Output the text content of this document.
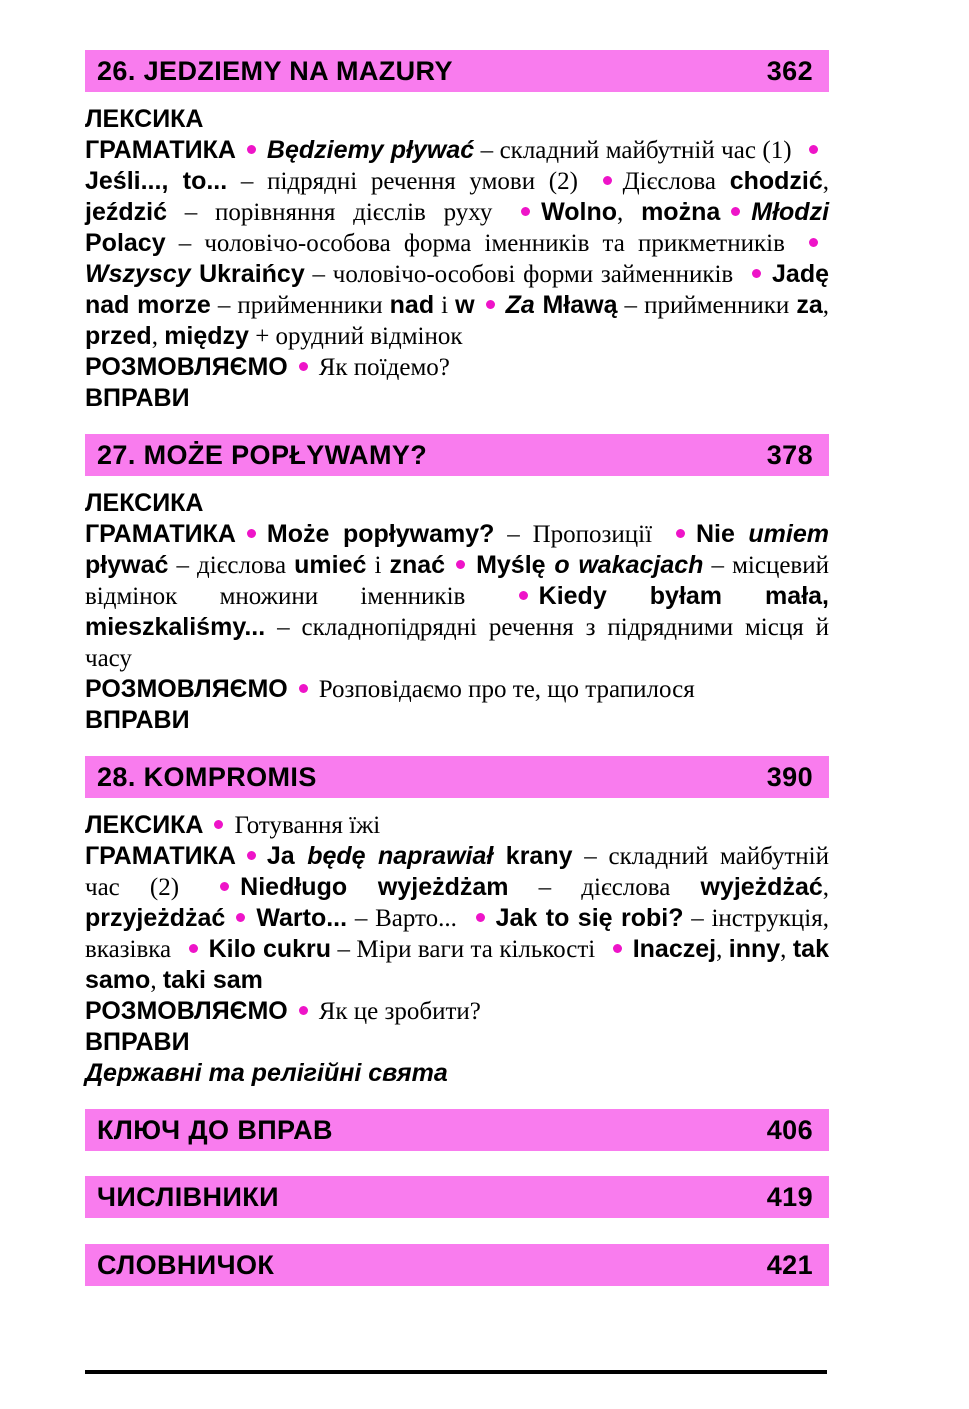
26. JEDZIEMY NA MAZURY	362

ЛЕКСИКА

ГРАМАТИКА Będziemy pływać – складний майбутній час (1) Jeśli..., to... – підрядні речення умови (2) Дієслова chodzić, jeździć – порівняння дієслів руху Wolno, można Młodzi Polacy – чоловічо-особова форма іменників та прикметників Wszyscy Ukraińcy – чоловічо-особові форми займенників Jadę nad morze – прийменники nad і w Za Mławą – прийменники za, przed, między + орудний відмінок

РОЗМОВЛЯЄМО Як поїдемо?

ВПРАВИ

27. MOŻE POPŁYWAMY?	378

ЛЕКСИКА

ГРАМАТИКА Może popływamy? – Пропозиції Nie umiem pływać – дієслова umieć і znać Myślę o wakacjach – місцевий відмінок множини іменників Kiedy byłam mała, mieszkaliśmy... – складнопідрядні речення з підрядними місця й часу

РОЗМОВЛЯЄМО Розповідаємо про те, що трапилося

ВПРАВИ

28. KOMPROMIS	390

ЛЕКСИКА Готування їжі

ГРАМАТИКА Ja będę naprawiał krany – складний майбутній час (2) Niedługo wyjeżdżam – дієслова wyjeżdżać, przyjeżdżać Warto... – Варто... Jak to się robi? – інструкція, вказівка Kilo cukru – Міри ваги та кількості Inaczej, inny, tak samo, taki sam

РОЗМОВЛЯЄМО Як це зробити?

ВПРАВИ

Державні та релігійні свята

КЛЮЧ ДО ВПРАВ	406
ЧИСЛІВНИКИ	419
СЛОВНИЧОК	421
